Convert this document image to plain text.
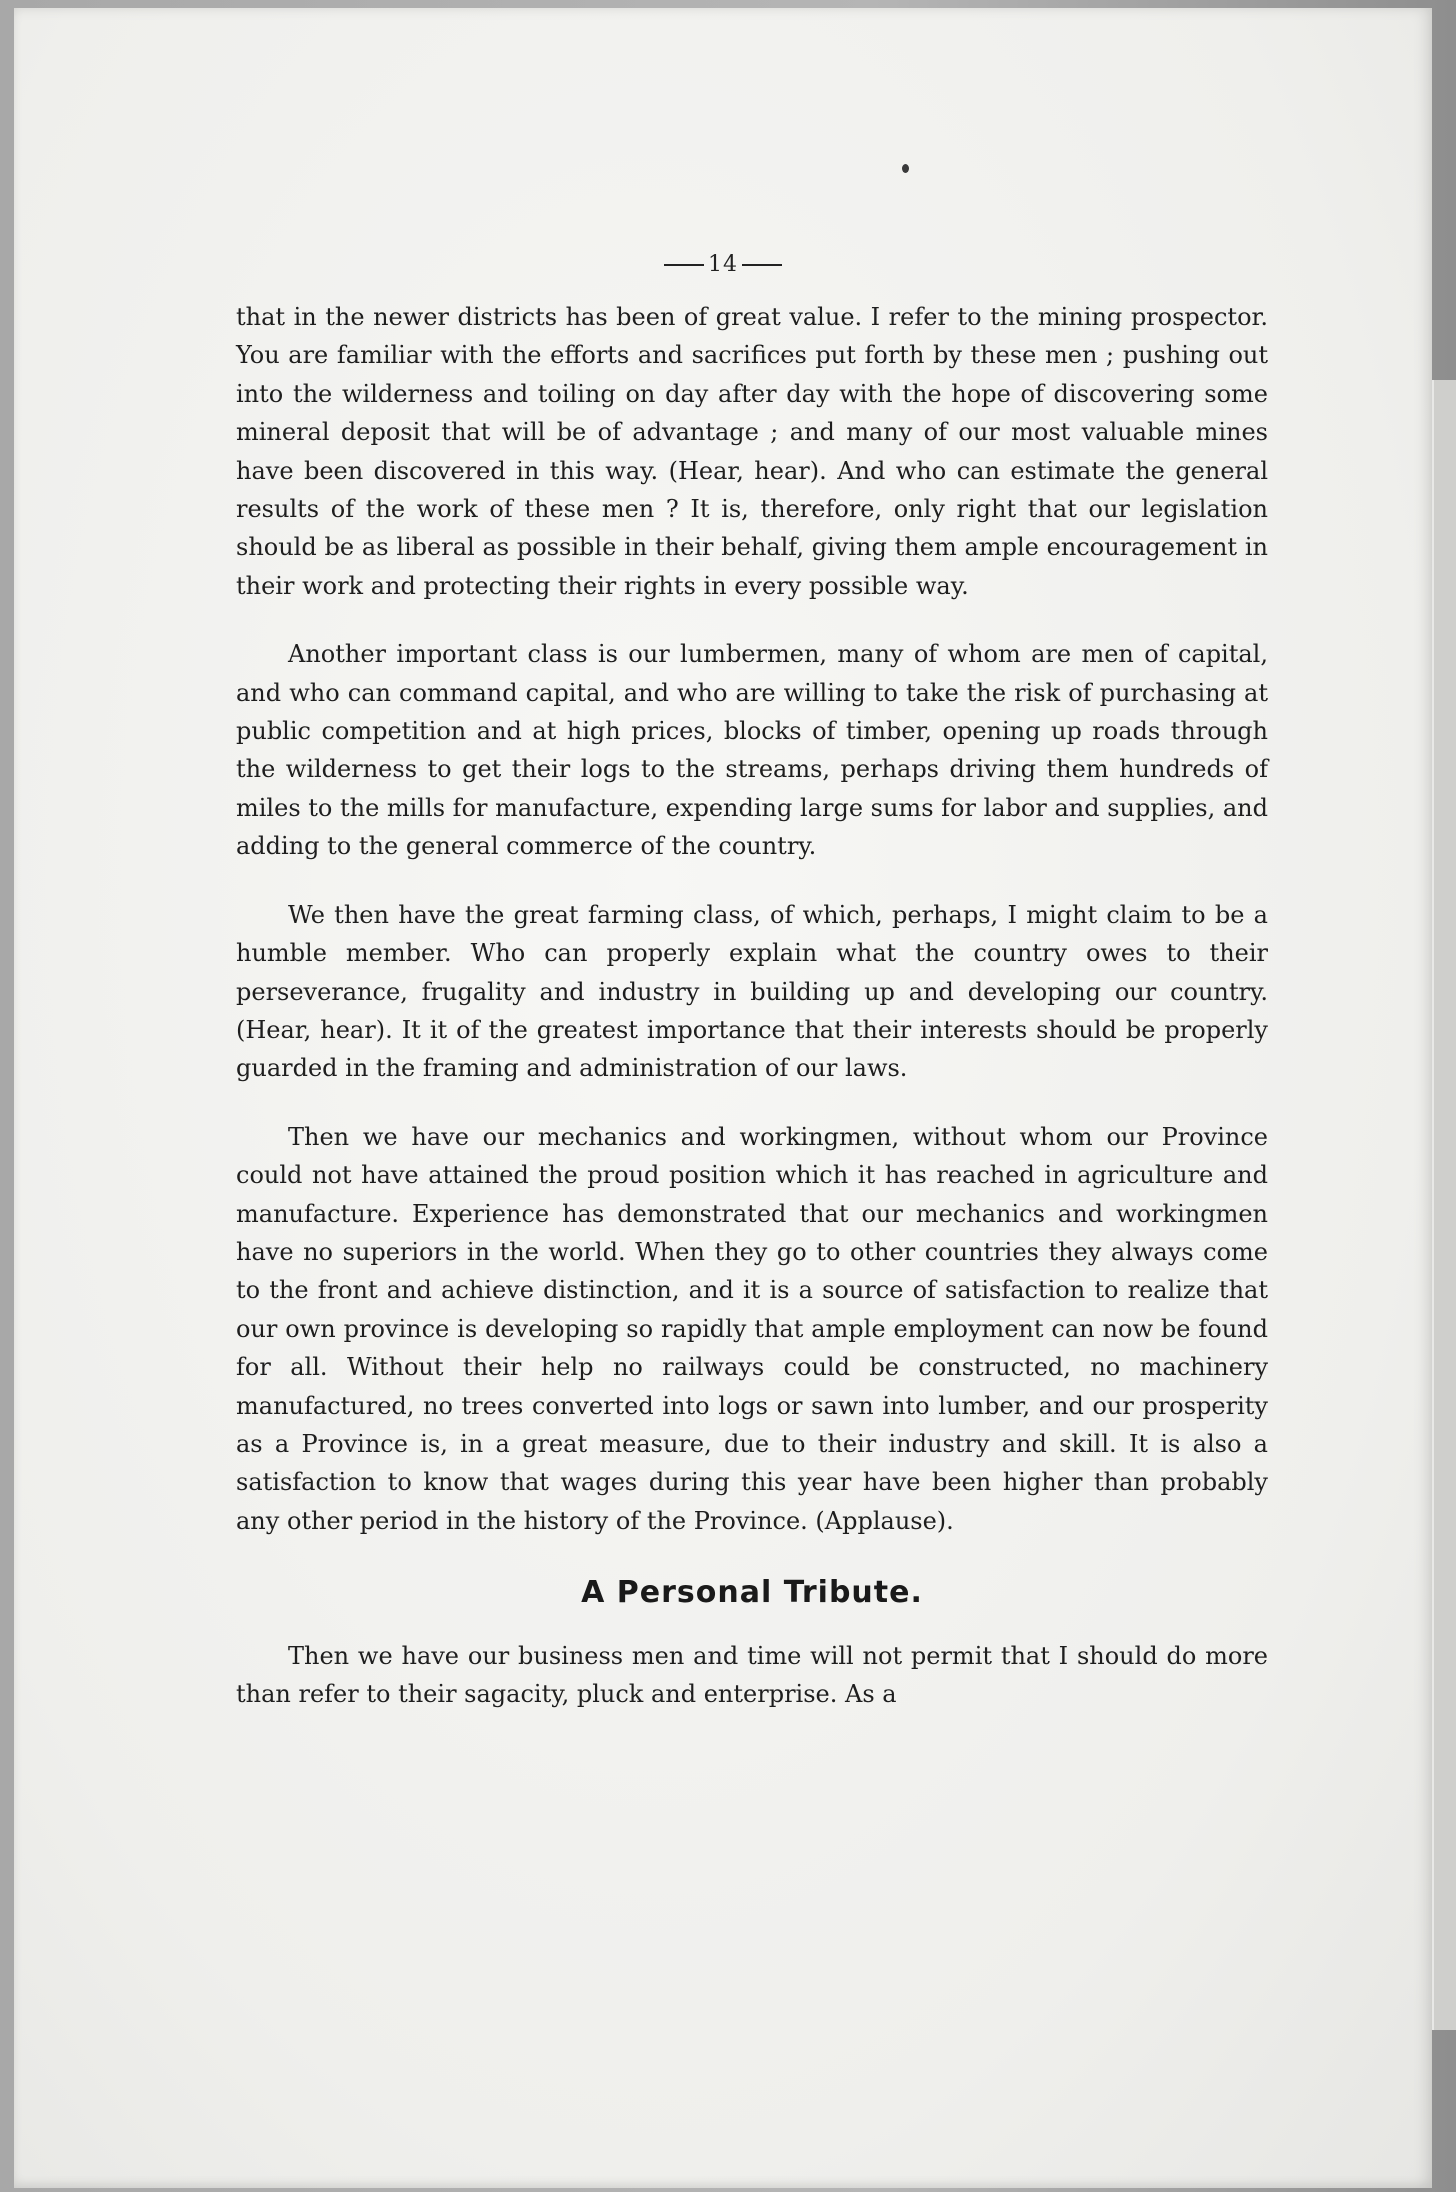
14

that in the newer districts has been of great value. I refer to the mining prospector. You are familiar with the efforts and sacrifices put forth by these men ; pushing out into the wilderness and toiling on day after day with the hope of discovering some mineral deposit that will be of advantage ; and many of our most valuable mines have been discovered in this way. (Hear, hear). And who can estimate the general results of the work of these men ? It is, therefore, only right that our legislation should be as liberal as possible in their behalf, giving them ample encouragement in their work and protecting their rights in every possible way.

Another important class is our lumbermen, many of whom are men of capital, and who can command capital, and who are willing to take the risk of purchasing at public competition and at high prices, blocks of timber, opening up roads through the wilderness to get their logs to the streams, perhaps driving them hundreds of miles to the mills for manufacture, expending large sums for labor and supplies, and adding to the general commerce of the country.

We then have the great farming class, of which, perhaps, I might claim to be a humble member. Who can properly explain what the country owes to their perseverance, frugality and industry in building up and developing our country. (Hear, hear). It it of the greatest importance that their interests should be properly guarded in the framing and administration of our laws.

Then we have our mechanics and workingmen, without whom our Province could not have attained the proud position which it has reached in agriculture and manufacture. Experience has demonstrated that our mechanics and workingmen have no superiors in the world. When they go to other countries they always come to the front and achieve distinction, and it is a source of satisfaction to realize that our own province is developing so rapidly that ample employment can now be found for all. Without their help no railways could be constructed, no machinery manufactured, no trees converted into logs or sawn into lumber, and our prosperity as a Province is, in a great measure, due to their industry and skill. It is also a satisfaction to know that wages during this year have been higher than probably any other period in the history of the Province. (Applause).

A Personal Tribute.

Then we have our business men and time will not permit that I should do more than refer to their sagacity, pluck and enterprise. As a
